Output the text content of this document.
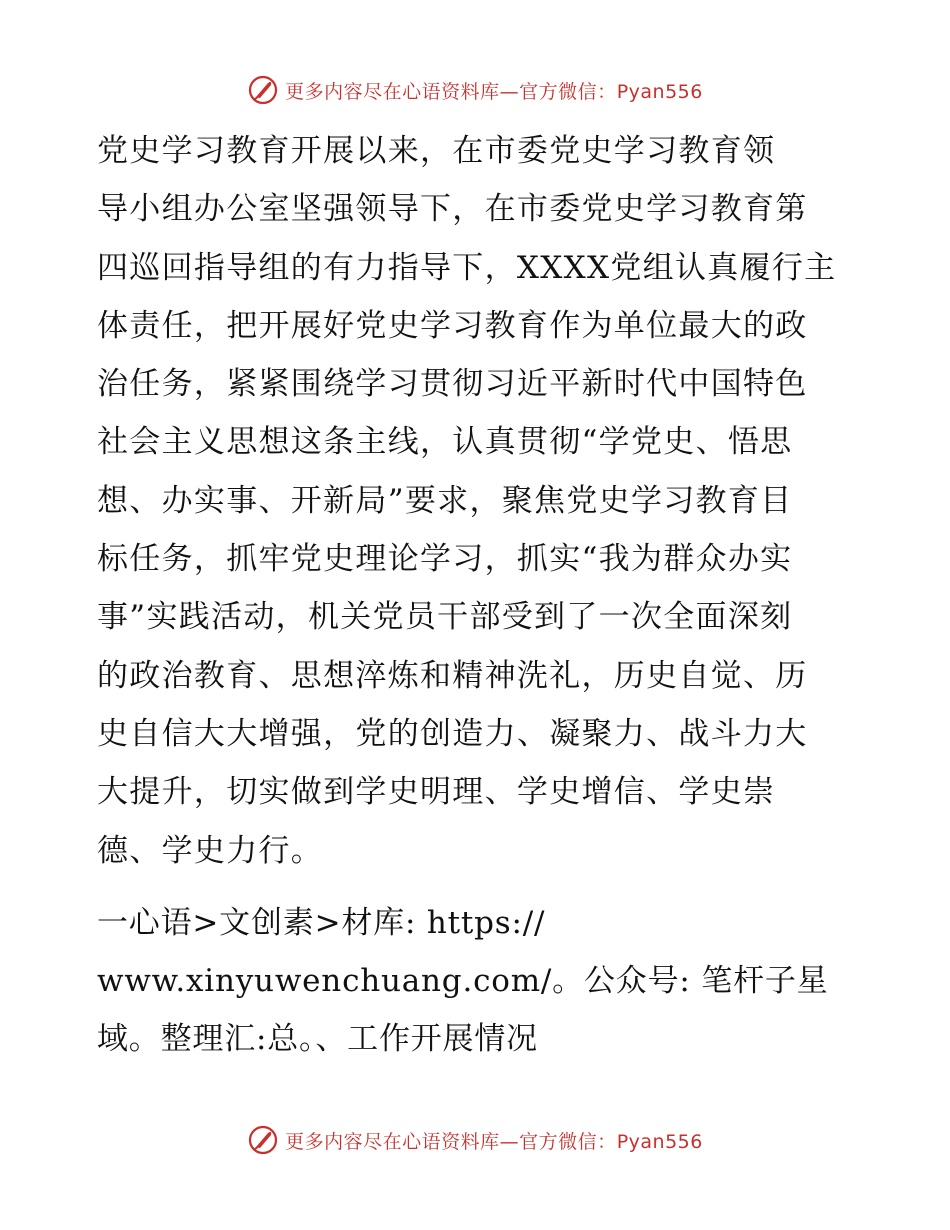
更多内容尽在心语资料库—官方微信：Pyan556

党史学习教育开展以来，在市委党史学习教育领
导小组办公室坚强领导下，在市委党史学习教育第
四巡回指导组的有力指导下，XXXX党组认真履行主
体责任，把开展好党史学习教育作为单位最大的政
治任务，紧紧围绕学习贯彻习近平新时代中国特色
社会主义思想这条主线，认真贯彻“学党史、悟思
想、办实事、开新局”要求，聚焦党史学习教育目
标任务，抓牢党史理论学习，抓实“我为群众办实
事”实践活动，机关党员干部受到了一次全面深刻
的政治教育、思想淬炼和精神洗礼，历史自觉、历
史自信大大增强，党的创造力、凝聚力、战斗力大
大提升，切实做到学史明理、学史增信、学史崇
德、学史力行。

一心语>文创素>材库: https://
www.xinyuwenchuang.com/。公众号: 笔杆子星
域。整理汇:总。、工作开展情况

更多内容尽在心语资料库—官方微信：Pyan556
